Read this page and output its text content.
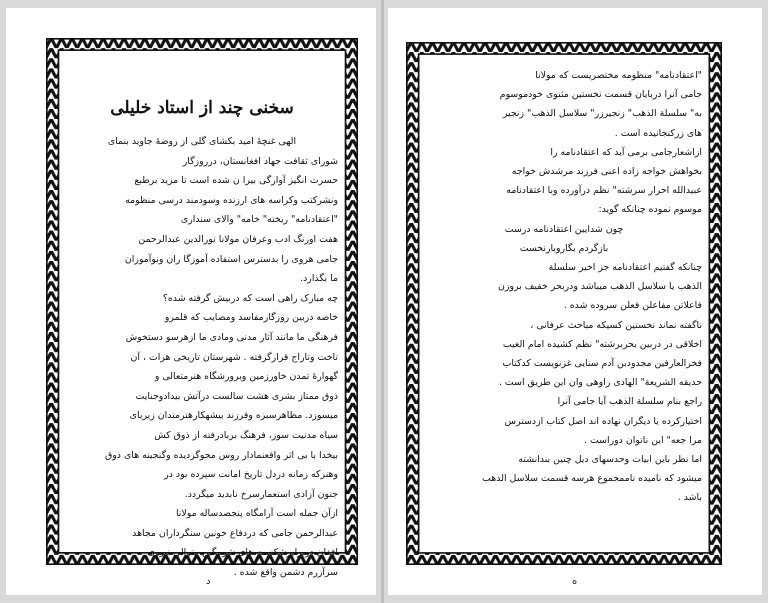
سخنی چند از استاد خلیلی
الهی غنچهٔ امید بکشای گلی از روضهٔ جاوید بنمای
شورای ثقافت جهاد افغانستان، درروزگار
حسرت انگیز آوارگی بیرا ن شده است تا مزید برطبع
ونشرکتب وکراسه های ارزنده وسودمند درسی منظومه
"اعتقادنامه" ریخته" خامه" والای سنداری
هفت اورنگ ادب وعرفان مولانا نورالدین عبدالرحمن
جامی هروی را بدسترس استفاده آموزگا ران ونوآموزان
ما بگذارد.
چه مبارک راهی است که دربیش گرفته شده؟
خاصه دربین روزگارمفاسد ومصایب که قلمرو
فرهنگی ما مانند آثار مدنی ومادی ما ازهرسو دستخوش
تاخت وتاراج قرارگرفته . شهرستان تاریخی هرات ، آن
گهوارهٔ تمدن خاورزمین وبرورشگاه هنرمتعالی و
ذوق ممتاز بشری هشت سالست درآتش بیدادوجنایت
میسوزد. مظاهرسبزه وفرزند بیشهکارهنرمندان زیربای
سیاه مدنیت سوز، فرهنگ بربادرفته از ذوق کش
بیخدا با بی اثر واقعنمادار روس محوگردیده وگنجینه های ذوق
وهنرکه زمانه دردل تاریخ امانت سپرده بود در
جنون آزادی استعمارسرخ نابدید میگردد.
ازآن جمله است آرامگاه پنجصدساله مولانا
عبدالرحمن جامی که دردفاع خونین سنگرداران مجاهد
افغان دربرابرشکست های شرمگین متوالی نیروی
سرآزرم دشمن واقع شده .
د
"اعتقادنامه" منظومه مختصریست که مولانا
جامی آنرا دربایان قسمت نخستین مثنوی خودموسوم
به" سلسلة الذهب" زنجیرزر" سلاسل الذهب" زنجیر
های زرکنجانیده است .
ازاشعارجامی برمی آید که اعتقادنامه را
بخواهش خواجه زاده اعنی فرزند مرشدش خواجه
عبیدالله احرار سرشته" نظم درآورده وبا اعتقادنامه
موسوم نموده چنانکه گوید:
چون شدایین اعتقادنامه درست
بازگردم بگاروبارنخست
چنانکه گفتیم اعتقادنامه جز اخیر سلسلة
الذهب یا سلاسل الذهب میباشد ودربحر خفیف بروزن
فاعلاتن مفاعلن فعلن سروده شده .
ناگفته نماند نخستین کسیکه مباحث عرفانی ،
اخلاقی در دربین بحربرشته" نظم کشیده امام الغیب
فخرالعارفین مجدودبن آدم سنایی غزنویست کدکتاب
حدیقه الشریعة" الهادی راوهی وان این طریق است .
راجع بنام سلسلة الذهب آیا جامی آنرا
اختیارکرده یا دیگران نهاده اند اصل کتاب ازدسترس
مرا جعه" این ناتوان دوراست .
اما نظر باین ابیات وحدسهای دیل چنین بندانشته
میشود که نامیده ناممجموع هرسه قسمت سلاسل الذهب
باشد .
ه
